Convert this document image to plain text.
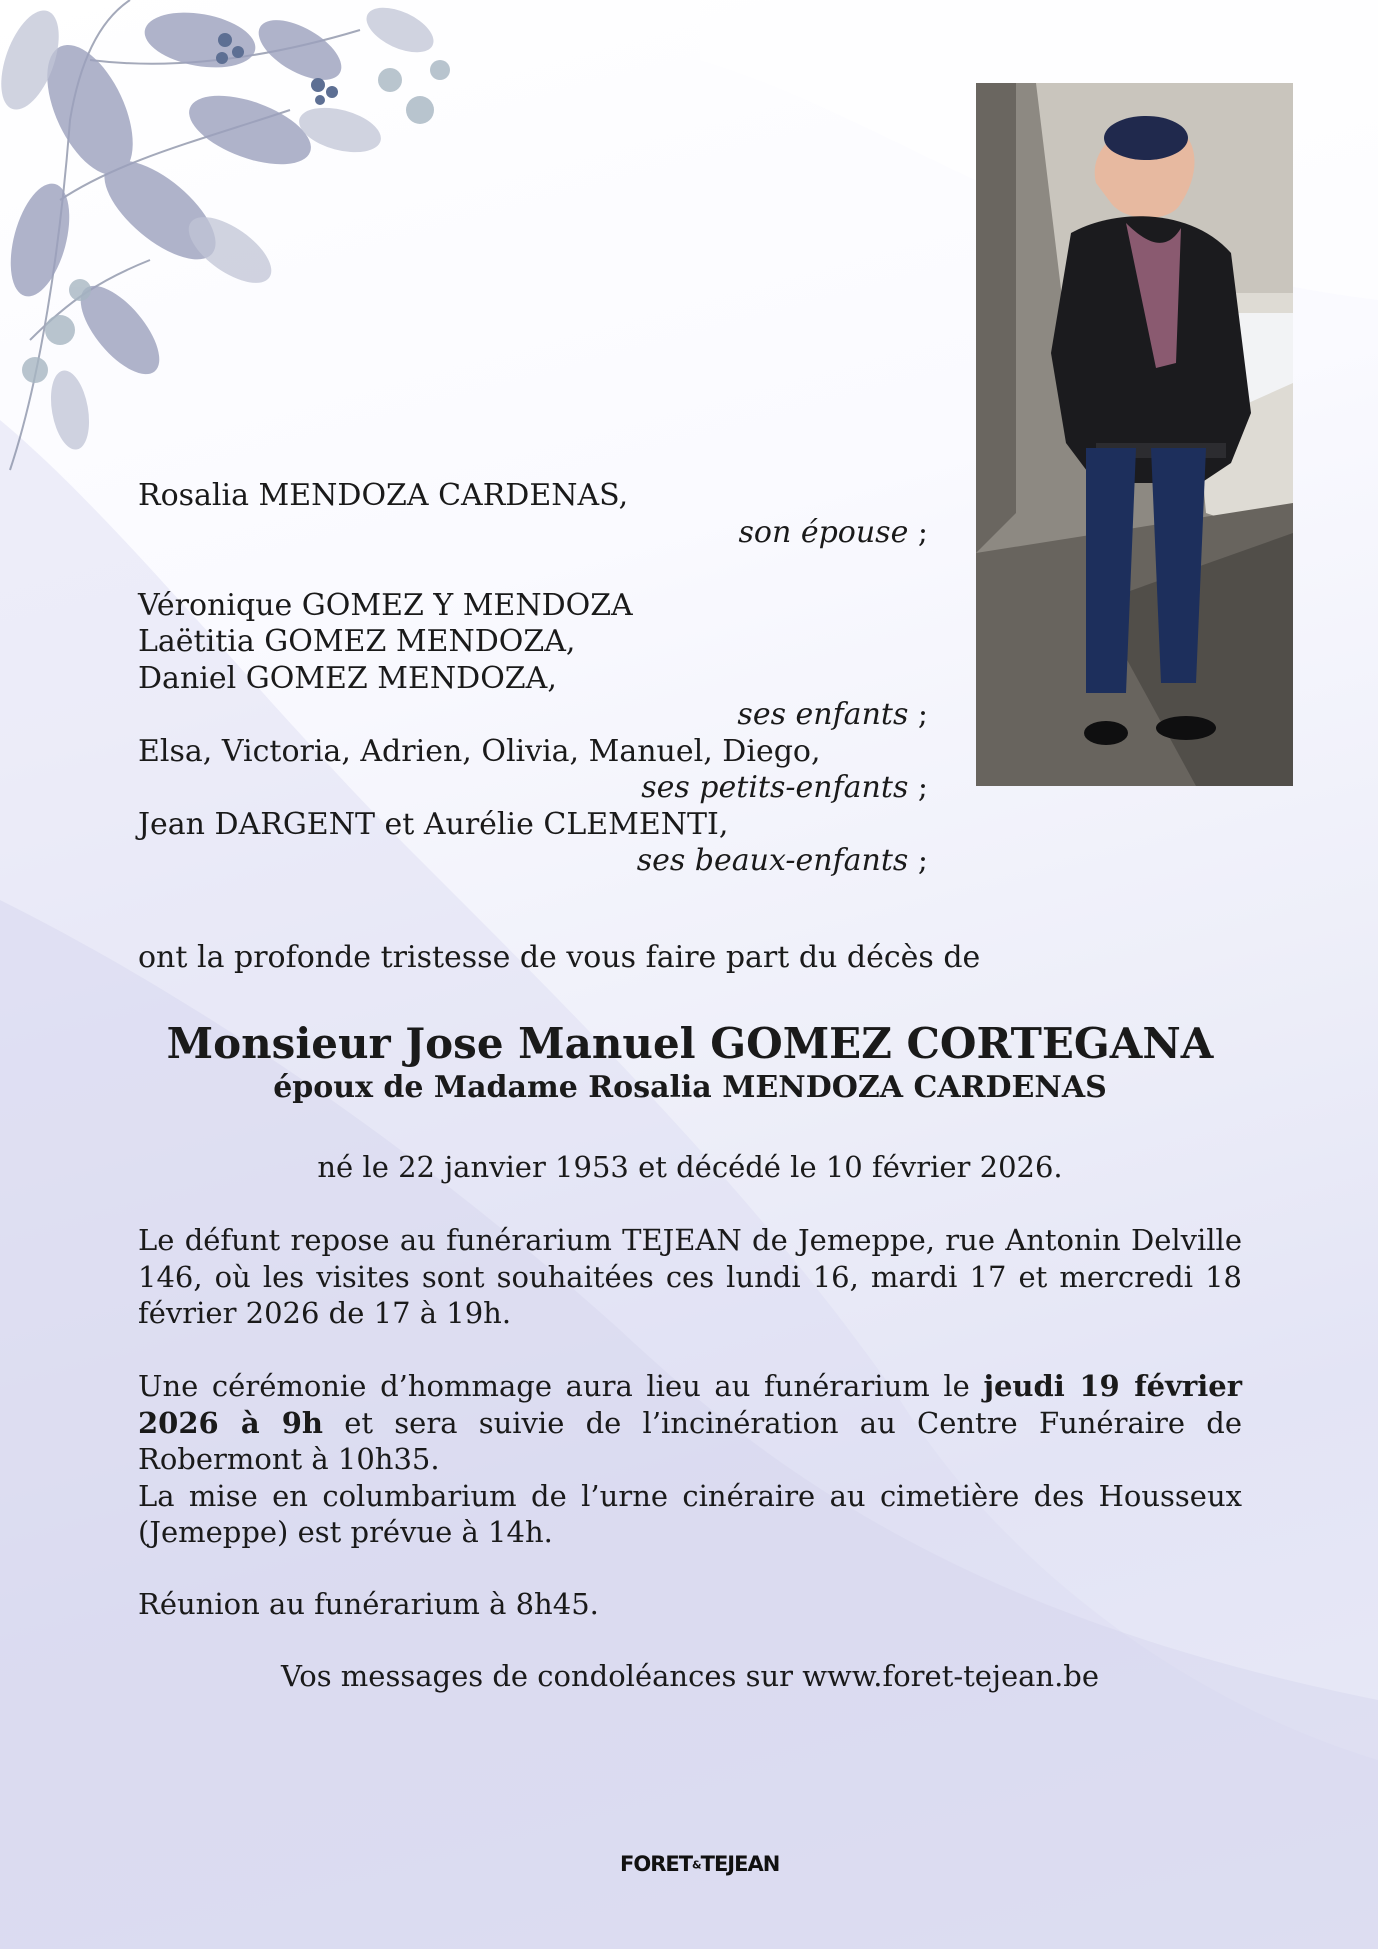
Rosalia MENDOZA CARDENAS,
son épouse ;
Véronique GOMEZ Y MENDOZA
Laëtitia GOMEZ MENDOZA,
Daniel GOMEZ MENDOZA,
ses enfants ;
Elsa, Victoria, Adrien, Olivia, Manuel, Diego,
ses petits-enfants ;
Jean DARGENT et Aurélie CLEMENTI,
ses beaux-enfants ;
ont la profonde tristesse de vous faire part du décès de
Monsieur Jose Manuel GOMEZ CORTEGANA
époux de Madame Rosalia MENDOZA CARDENAS
né le 22 janvier 1953 et décédé le 10 février 2026.
Le défunt repose au funérarium TEJEAN de Jemeppe, rue Antonin Delville 146, où les visites sont souhaitées ces lundi 16, mardi 17 et mercredi 18 février 2026 de 17 à 19h.
Une cérémonie d’hommage aura lieu au funérarium le jeudi 19 février 2026 à 9h et sera suivie de l’incinération au Centre Funéraire de Robermont à 10h35.
La mise en columbarium de l’urne cinéraire au cimetière des Housseux (Jemeppe) est prévue à 14h.
Réunion au funérarium à 8h45.
Vos messages de condoléances sur www.foret-tejean.be
FORET&TEJEAN
